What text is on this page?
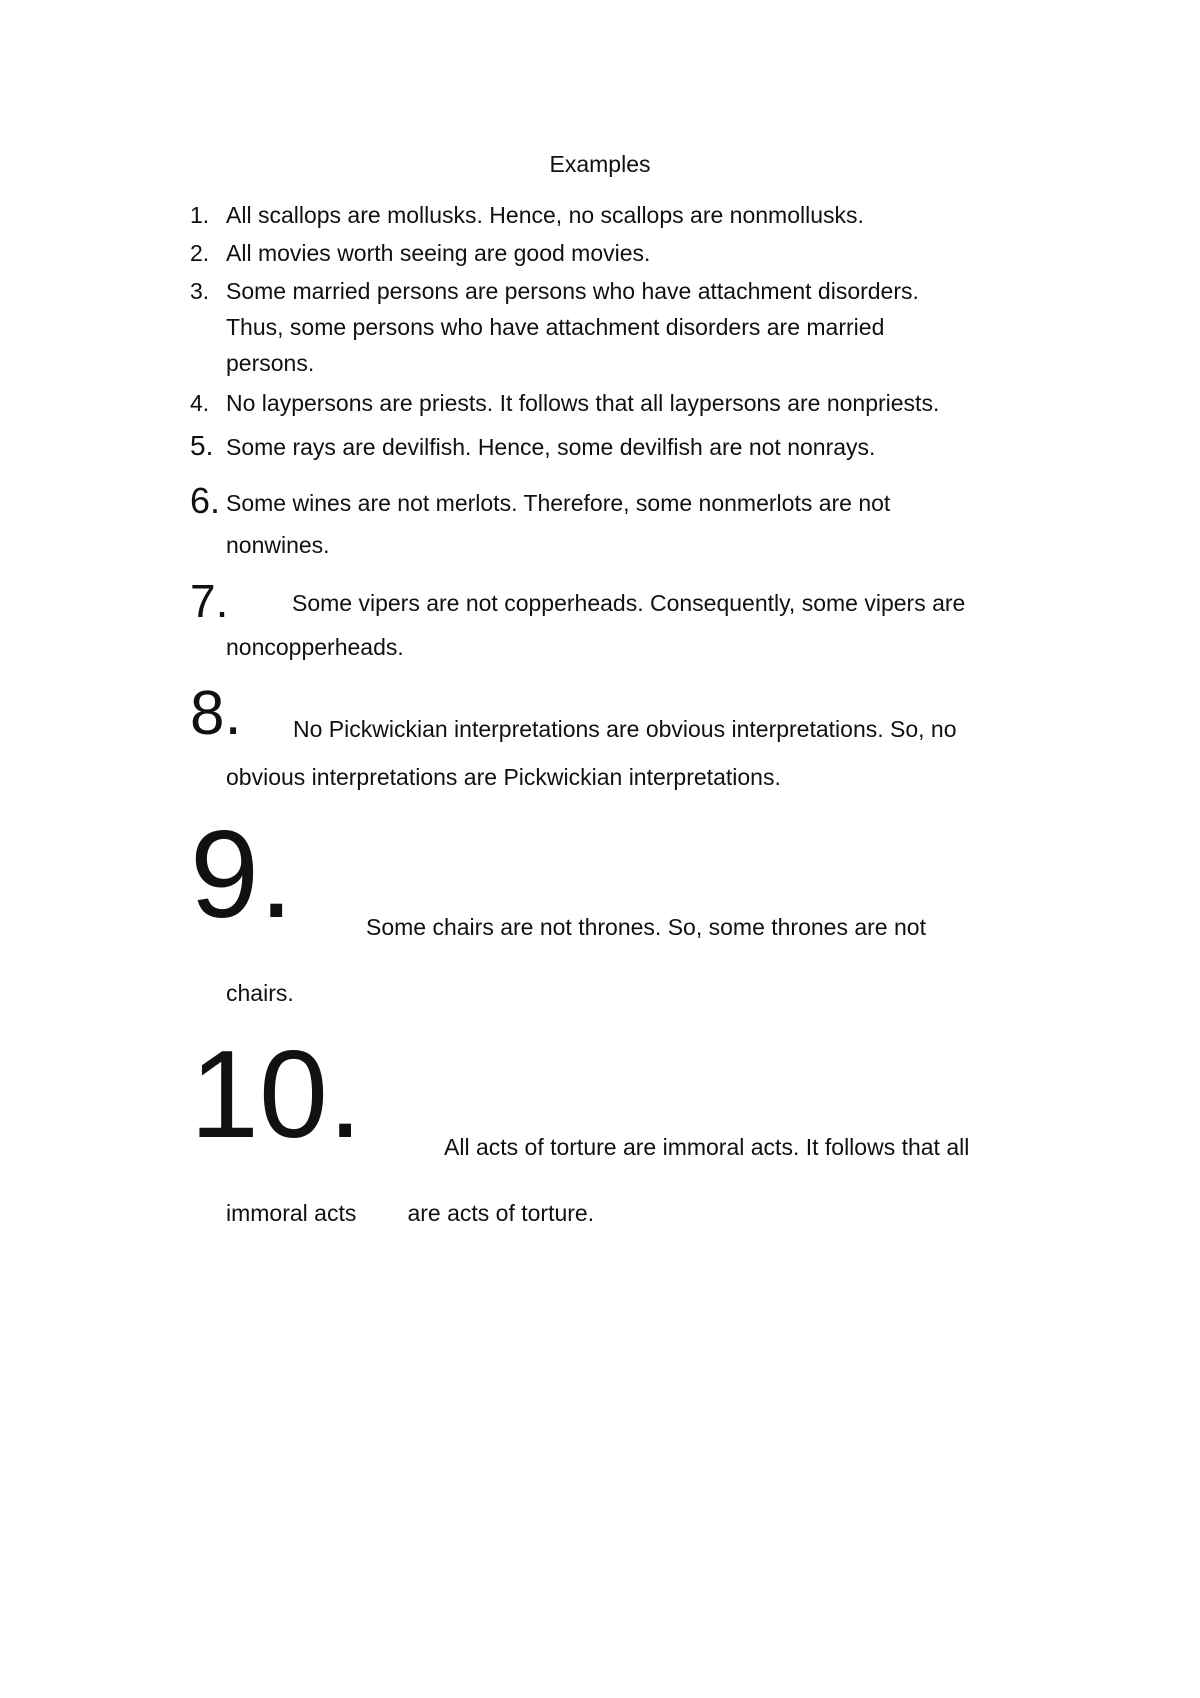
Examples
1. All scallops are mollusks. Hence, no scallops are nonmollusks.
2. All movies worth seeing are good movies.
3. Some married persons are persons who have attachment disorders.
Thus, some persons who have attachment disorders are married
persons.
4. No laypersons are priests. It follows that all laypersons are nonpriests.
5. Some rays are devilfish. Hence, some devilfish are not nonrays.
6. Some wines are not merlots. Therefore, some nonmerlots are not
nonwines.
7.	Some vipers are not copperheads. Consequently, some vipers are
noncopperheads.
8. No Pickwickian interpretations are obvious interpretations. So, no
obvious interpretations are Pickwickian interpretations.
9.	Some chairs are not thrones. So, some thrones are not
chairs.
10.	All acts of torture are immoral acts. It follows that all
immoral acts        are acts of torture.
